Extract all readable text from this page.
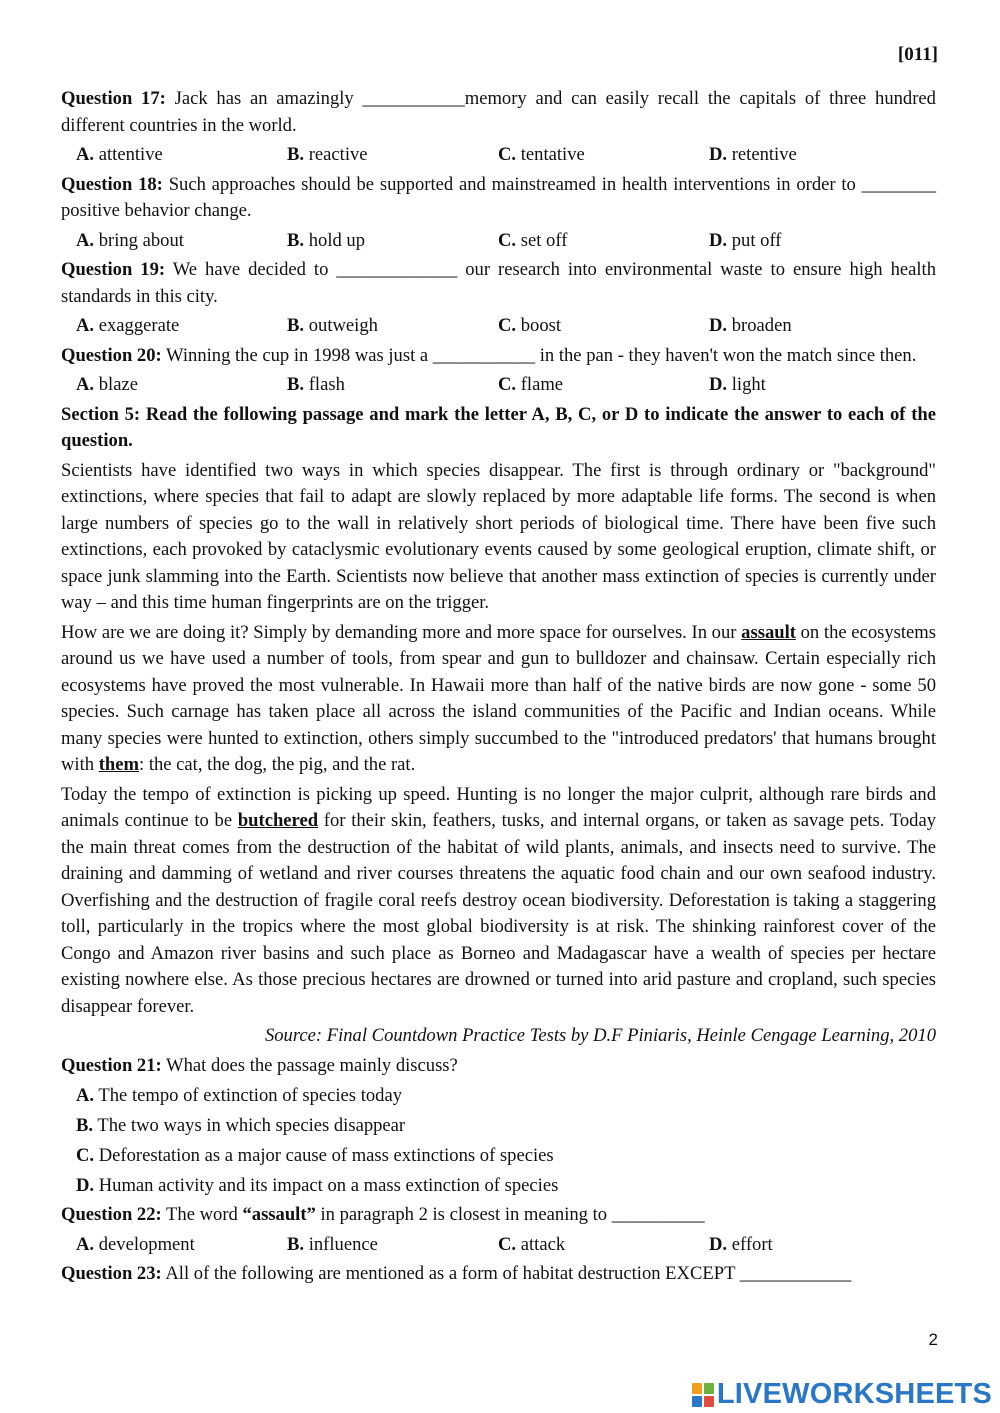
[011]

Question 17: Jack has an amazingly ___________memory and can easily recall the capitals of three hundred different countries in the world.

A. attentive	B. reactive	C. tentative	D. retentive

Question 18: Such approaches should be supported and mainstreamed in health interventions in order to ________ positive behavior change.

A. bring about	B. hold up	C. set off	D. put off

Question 19: We have decided to _____________ our research into environmental waste to ensure high health standards in this city.

A. exaggerate	B. outweigh	C. boost	D. broaden

Question 20: Winning the cup in 1998 was just a ___________ in the pan - they haven't won the match since then.

A. blaze	B. flash	C. flame	D. light

Section 5: Read the following passage and mark the letter A, B, C, or D to indicate the answer to each of the question.

Scientists have identified two ways in which species disappear. The first is through ordinary or "background" extinctions, where species that fail to adapt are slowly replaced by more adaptable life forms. The second is when large numbers of species go to the wall in relatively short periods of biological time. There have been five such extinctions, each provoked by cataclysmic evolutionary events caused by some geological eruption, climate shift, or space junk slamming into the Earth. Scientists now believe that another mass extinction of species is currently under way – and this time human fingerprints are on the trigger.

How are we are doing it? Simply by demanding more and more space for ourselves. In our assault on the ecosystems around us we have used a number of tools, from spear and gun to bulldozer and chainsaw. Certain especially rich ecosystems have proved the most vulnerable. In Hawaii more than half of the native birds are now gone - some 50 species. Such carnage has taken place all across the island communities of the Pacific and Indian oceans. While many species were hunted to extinction, others simply succumbed to the "introduced predators' that humans brought with them: the cat, the dog, the pig, and the rat.

Today the tempo of extinction is picking up speed. Hunting is no longer the major culprit, although rare birds and animals continue to be butchered for their skin, feathers, tusks, and internal organs, or taken as savage pets. Today the main threat comes from the destruction of the habitat of wild plants, animals, and insects need to survive. The draining and damming of wetland and river courses threatens the aquatic food chain and our own seafood industry. Overfishing and the destruction of fragile coral reefs destroy ocean biodiversity. Deforestation is taking a staggering toll, particularly in the tropics where the most global biodiversity is at risk. The shinking rainforest cover of the Congo and Amazon river basins and such place as Borneo and Madagascar have a wealth of species per hectare existing nowhere else. As those precious hectares are drowned or turned into arid pasture and cropland, such species disappear forever.

Source: Final Countdown Practice Tests by D.F Piniaris, Heinle Cengage Learning, 2010

Question 21: What does the passage mainly discuss?

A. The tempo of extinction of species today
B. The two ways in which species disappear
C. Deforestation as a major cause of mass extinctions of species
D. Human activity and its impact on a mass extinction of species

Question 22: The word “assault” in paragraph 2 is closest in meaning to __________

A. development	B. influence	C. attack	D. effort

Question 23: All of the following are mentioned as a form of habitat destruction EXCEPT ____________

2
LIVEWORKSHEETS
